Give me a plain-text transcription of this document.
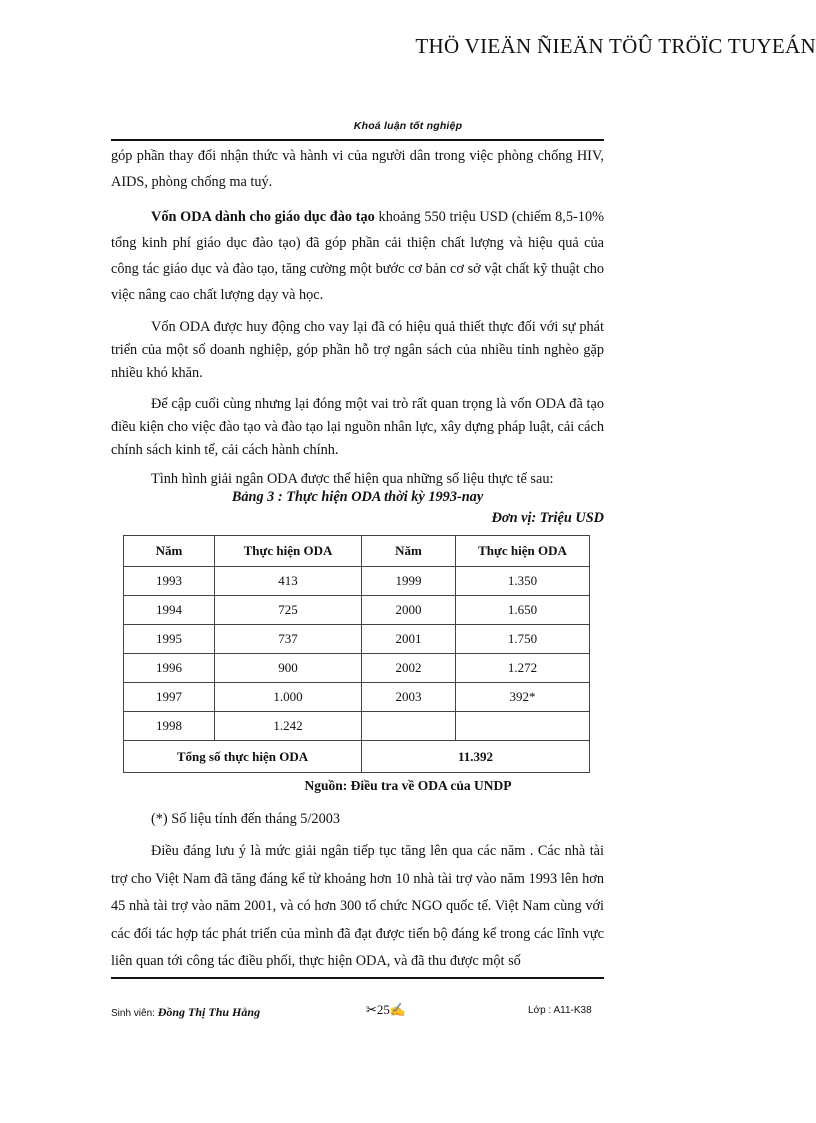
THÖ VIEÄN ÑIEÄN TÖÛ TRÖÏC TUYEÁN
Khoá luận tốt nghiệp

góp phần thay đổi nhận thức và hành vi của người dân trong việc phòng chống HIV, AIDS, phòng chống ma tuý.

Vốn ODA dành cho giáo dục đào tạo khoảng 550 triệu USD (chiếm 8,5-10% tổng kinh phí giáo dục đào tạo) đã góp phần cải thiện chất lượng và hiệu quả của công tác giáo dục và đào tạo, tăng cường một bước cơ bản cơ sở vật chất kỹ thuật cho việc nâng cao chất lượng dạy và học.

Vốn ODA được huy động cho vay lại đã có hiệu quả thiết thực đối với sự phát triển của một số doanh nghiệp, góp phần hỗ trợ ngân sách của nhiều tỉnh nghèo gặp nhiều khó khăn.

Để cập cuối cùng nhưng lại đóng một vai trò rất quan trọng là vốn ODA đã tạo điều kiện cho việc đào tạo và đào tạo lại nguồn nhân lực, xây dựng pháp luật, cải cách chính sách kinh tế, cải cách hành chính.

Tình hình giải ngân ODA được thể hiện qua những số liệu thực tế sau:

Bảng 3 : Thực hiện ODA thời kỳ 1993-nay
Đơn vị: Triệu USD
Năm	Thực hiện ODA	Năm	Thực hiện ODA
1993	413	1999	1.350
1994	725	2000	1.650
1995	737	2001	1.750
1996	900	2002	1.272
1997	1.000	2003	392*
1998	1.242		
Tổng số thực hiện ODA		11.392	
Nguồn: Điều tra về ODA của UNDP

(*) Số liệu tính đến tháng 5/2003

Điều đáng lưu ý là mức giải ngân tiếp tục tăng lên qua các năm . Các nhà tài trợ cho Việt Nam đã tăng đáng kể từ khoảng hơn 10 nhà tài trợ vào năm 1993 lên hơn 45 nhà tài trợ vào năm 2001, và có hơn 300 tổ chức NGO quốc tế. Việt Nam cùng với các đối tác hợp tác phát triển của mình đã đạt được tiến bộ đáng kể trong các lĩnh vực liên quan tới công tác điều phối, thực hiện ODA, và đã thu được một số

Sinh viên: Đồng Thị Thu Hằng	✂25✍	Lớp : A11-K38
